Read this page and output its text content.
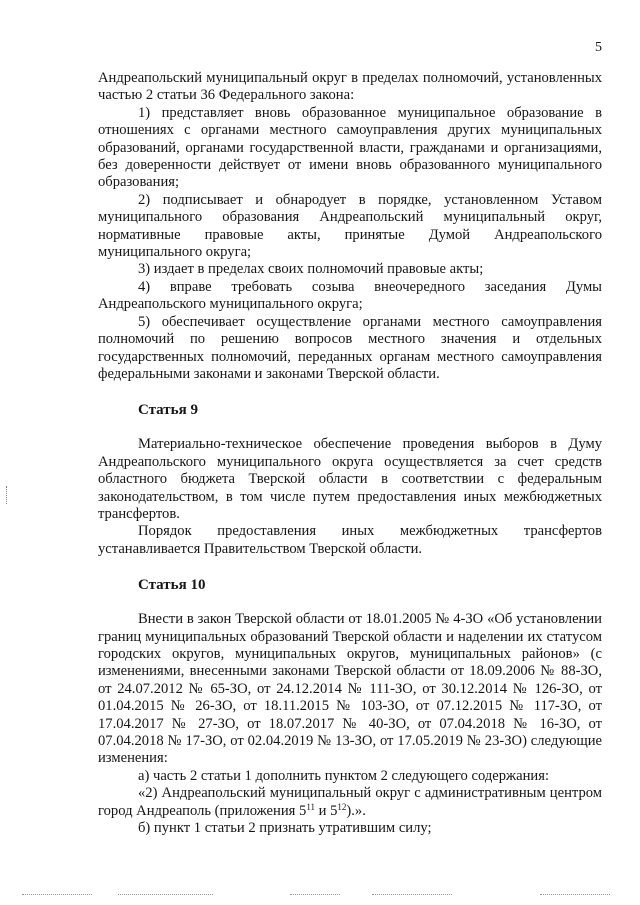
5

Андреапольский муниципальный округ в пределах полномочий, установленных частью 2 статьи 36 Федерального закона:

1) представляет вновь образованное муниципальное образование в отношениях с органами местного самоуправления других муниципальных образований, органами государственной власти, гражданами и организациями, без доверенности действует от имени вновь образованного муниципального образования;

2) подписывает и обнародует в порядке, установленном Уставом муниципального образования Андреапольский муниципальный округ, нормативные правовые акты, принятые Думой Андреапольского муниципального округа;

3) издает в пределах своих полномочий правовые акты;

4) вправе требовать созыва внеочередного заседания Думы Андреапольского муниципального округа;

5) обеспечивает осуществление органами местного самоуправления полномочий по решению вопросов местного значения и отдельных государственных полномочий, переданных органам местного самоуправления федеральными законами и законами Тверской области.

Статья 9

Материально-техническое обеспечение проведения выборов в Думу Андреапольского муниципального округа осуществляется за счет средств областного бюджета Тверской области в соответствии с федеральным законодательством, в том числе путем предоставления иных межбюджетных трансфертов.

Порядок предоставления иных межбюджетных трансфертов устанавливается Правительством Тверской области.

Статья 10

Внести в закон Тверской области от 18.01.2005 № 4-ЗО «Об установлении границ муниципальных образований Тверской области и наделении их статусом городских округов, муниципальных округов, муниципальных районов» (с изменениями, внесенными законами Тверской области от 18.09.2006 № 88-ЗО, от 24.07.2012 № 65-ЗО, от 24.12.2014 № 111-ЗО, от 30.12.2014 № 126-ЗО, от 01.04.2015 № 26-ЗО, от 18.11.2015 № 103-ЗО, от 07.12.2015 № 117-ЗО, от 17.04.2017 № 27-ЗО, от 18.07.2017 № 40-ЗО, от 07.04.2018 № 16-ЗО, от 07.04.2018 № 17-ЗО, от 02.04.2019 № 13-ЗО, от 17.05.2019 № 23-ЗО) следующие изменения:

а) часть 2 статьи 1 дополнить пунктом 2 следующего содержания:

«2) Андреапольский муниципальный округ с административным центром город Андреаполь (приложения $5^{11}$ и $5^{12}$).».

б) пункт 1 статьи 2 признать утратившим силу;
